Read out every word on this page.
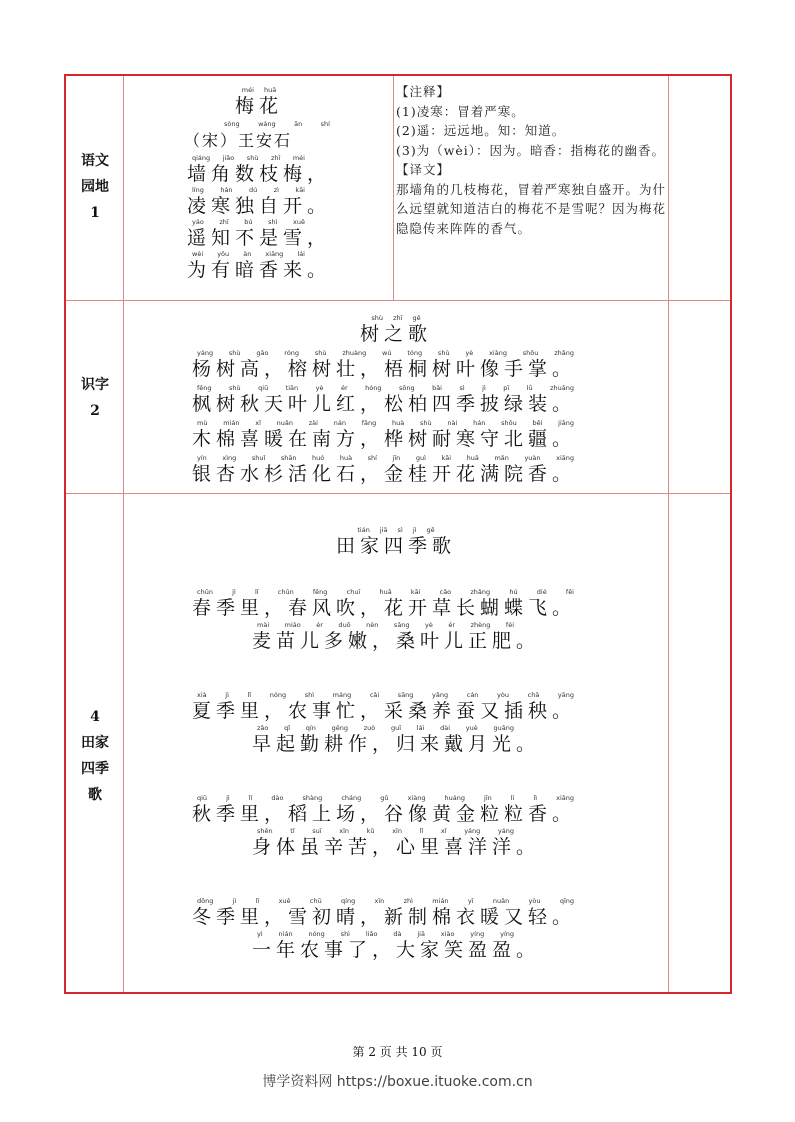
语文
园地
1
识字
2
4
田家
四季
歌
méi huā
梅花
sòng wáng ān shí
（宋）王安石
qiáng jiǎo shù zhī méi
墙角数枝梅，
líng hán dú zì kāi
凌寒独自开。
yáo zhī bú shì xuě
遥知不是雪，
wèi yǒu àn xiāng lái
为有暗香来。
【注释】
(1)凌寒：冒着严寒。
(2)遥：远远地。知：知道。
(3)为（wèi）：因为。暗香：指梅花的幽香。
【译文】
那墙角的几枝梅花，冒着严寒独自盛开。为什么远望就知道洁白的梅花不是雪呢？因为梅花隐隐传来阵阵的香气。
shù zhī gē
树之歌
yáng shù gāo róng shù zhuàng wú tóng shù yè xiàng shǒu zhǎng
杨树高，榕树壮，梧桐树叶像手掌。
fēng shù qiū tiān yè ér hóng sōng bǎi sì jì pī lǜ zhuāng
枫树秋天叶儿红，松柏四季披绿装。
mù mián xǐ nuǎn zài nán fāng huà shù nài hán shǒu běi jiāng
木棉喜暖在南方，桦树耐寒守北疆。
yín xìng shuǐ shān huó huà shí jīn guì kāi huā mǎn yuàn xiāng
银杏水杉活化石，金桂开花满院香。
tián jiā sì jì gē
田家四季歌
chūn jì lǐ chūn fēng chuī huā kāi cǎo zhǎng hú dié fēi
春季里，春风吹，花开草长蝴蝶飞。
mài miáo ér duō nèn sāng yè ér zhèng féi
麦苗儿多嫩，桑叶儿正肥。
xià jì lǐ nóng shì máng cǎi sāng yǎng cán yòu chā yāng
夏季里，农事忙，采桑养蚕又插秧。
zǎo qǐ qín gēng zuò guī lái dài yuè guāng
早起勤耕作，归来戴月光。
qiū jì lǐ dào shàng cháng gǔ xiàng huáng jīn lì lì xiāng
秋季里，稻上场，谷像黄金粒粒香。
shēn tǐ suī xīn kǔ xīn lǐ xǐ yáng yáng
身体虽辛苦，心里喜洋洋。
dōng jì lǐ xuě chū qíng xīn zhì mián yī nuǎn yòu qīng
冬季里，雪初晴，新制棉衣暖又轻。
yì nián nóng shì liǎo dà jiā xiào yíng yíng
一年农事了，大家笑盈盈。
第 2 页 共 10 页
博学资料网 https://boxue.ituoke.com.cn
